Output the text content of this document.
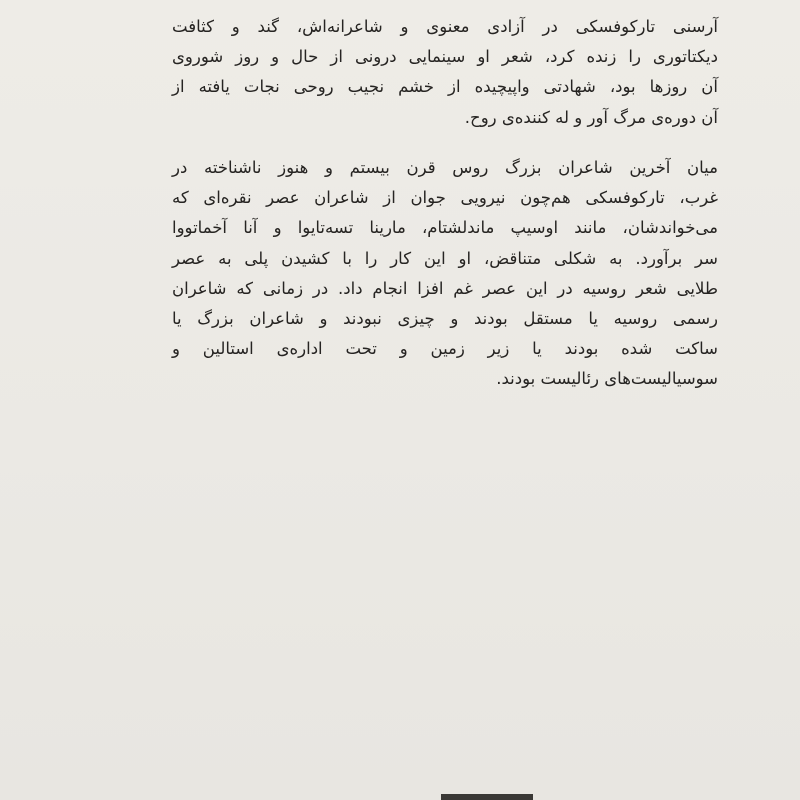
آرسنی تارکوفسکی در آزادی معنوی و شاعرانه‌اش، گند و کثافت
دیکتاتوری را زنده کرد، شعر او سینمایی درونی از حال و روز شوروی
آن روزها بود، شهادتی واپیچیده از خشم نجیب روحی نجات یافته از
آن دوره‌ی مرگ آور و له کننده‌ی روح.

میان آخرین شاعران بزرگ روس قرن بیستم و هنوز ناشناخته در
غرب، تارکوفسکی هم‌چون نیرویی جوان از شاعران عصر نقره‌ای که
می‌خواندشان، مانند اوسیپ ماندلشتام، مارینا تسه‌تایوا و آنا آخماتووا
سر برآورد. به شکلی متناقض، او این کار را با کشیدن پلی به عصر
طلایی شعر روسیه در این عصر غم افزا انجام داد. در زمانی که شاعران
رسمی روسیه یا مستقل بودند و چیزی نبودند و شاعران بزرگ یا
ساکت شده بودند یا زیر زمین و تحت اداره‌ی استالین و
سوسیالیست‌های رئالیست بودند.
